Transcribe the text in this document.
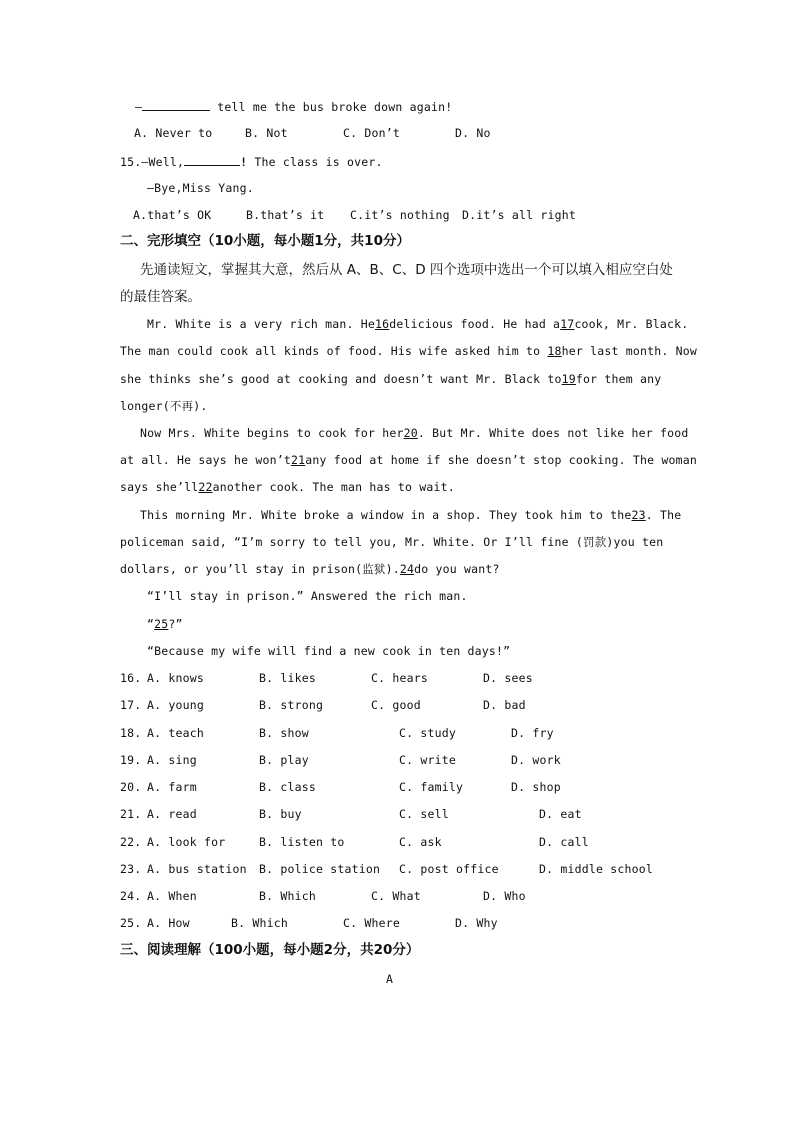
—	tell me the bus broke down again!
A. Never to	B. Not	C. Don’t	D. No
15.—Well,	! The class is over.
—Bye,Miss Yang.
A.that’s OK	B.that’s it C.it’s nothing D.it’s all right
二、完形填空（10小题，每小题1分，共10分）
先通读短文，掌握其大意，然后从 A、B、C、D 四个选项中选出一个可以填入相应空白处
的最佳答案。
Mr. White is a very rich man. He16delicious food. He had a17cook, Mr. Black.
The man could cook all kinds of food. His wife asked him to 18her last month. Now
she thinks she’s good at cooking and doesn’t want Mr. Black to19for them any
longer(不再).
Now Mrs. White begins to cook for her20. But Mr. White does not like her food
at all. He says he won’t21any food at home if she doesn’t stop cooking. The woman
says she’ll22another cook. The man has to wait.
This morning Mr. White broke a window in a shop. They took him to the23. The
policeman said, “I’m sorry to tell you, Mr. White. Or I’ll fine (罚款)you ten
dollars, or you’ll stay in prison(监狱).24do you want?
“I’ll stay in prison.” Answered the rich man.
“25?”
“Because my wife will find a new cook in ten days!”
16. A. knows	B. likes	C. hears	D. sees
17. A. young	B. strong	C. good	D. bad
18. A. teach	B. show	C. study	D. fry
19. A. sing	B. play	C. write	D. work
20. A. farm	B. class	C. family	D. shop
21. A. read	B. buy	C. sell	D. eat
22. A. look for	B. listen to	C. ask	D. call
23. A. bus station B. police station C. post office	D. middle school
24. A. When	B. Which	C. What	D. Who
25. A. How	B. Which	C. Where	D. Why
三、阅读理解（100小题，每小题2分，共20分）
A
